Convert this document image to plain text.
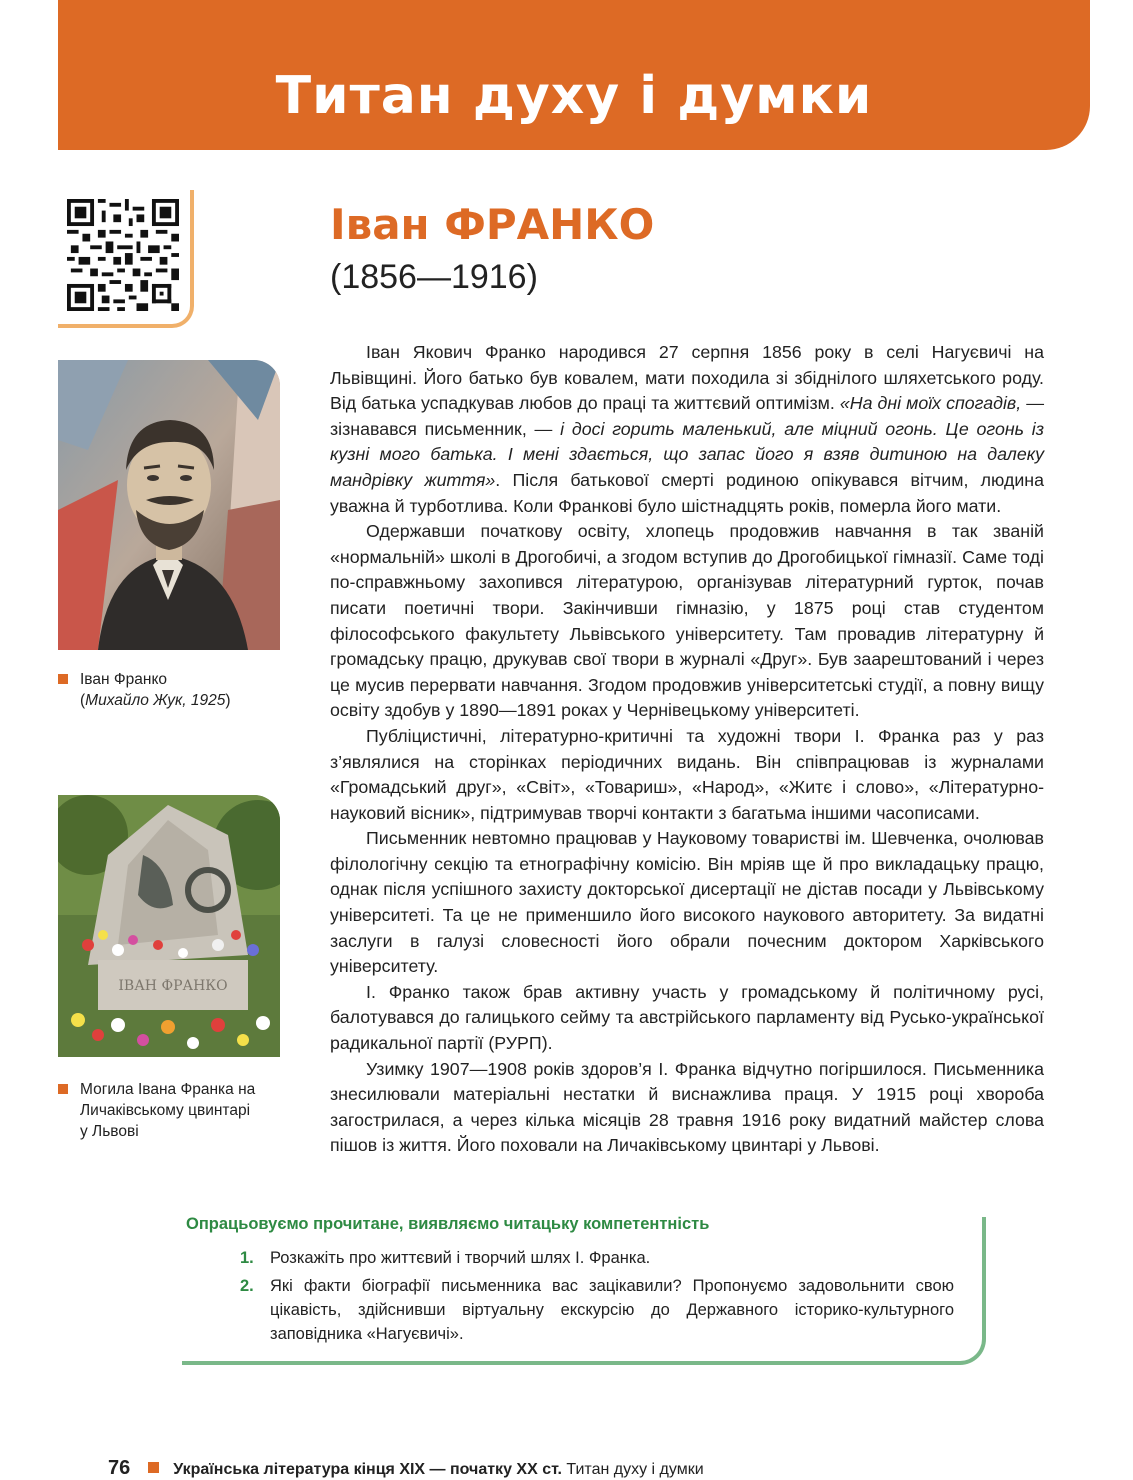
Титан духу і думки
Іван ФРАНКО
(1856—1916)
Іван Франко
(Михайло Жук, 1925)
ІВАН ФРАНКО
Могила Івана Франка на Личаківському цвинтарі у Львові

Іван Якович Франко народився 27 серпня 1856 року в селі Нагуєвичі на Львівщині. Його батько був ковалем, мати походила зі збіднілого шляхетського роду. Від батька успадкував любов до праці та життєвий оптимізм. «На дні моїх спогадів, — зізнавався письменник, — і досі горить маленький, але міцний огонь. Це огонь із кузні мого батька. І мені здається, що запас його я взяв дитиною на далеку мандрівку життя». Після батькової смерті родиною опікувався вітчим, людина уважна й турботлива. Коли Франкові було шістнадцять років, померла його мати.

Одержавши початкову освіту, хлопець продовжив навчання в так званій «нормальній» школі в Дрогобичі, а згодом вступив до Дрогобицької гімназії. Саме тоді по-справжньому захопився літературою, організував літературний гурток, почав писати поетичні твори. Закінчивши гімназію, у 1875 році став студентом філософського факультету Львівського університету. Там провадив літературну й громадську працю, друкував свої твори в журналі «Друг». Був заарештований і через це мусив перервати навчання. Згодом продовжив університетські студії, а повну вищу освіту здобув у 1890—1891 роках у Чернівецькому університеті.

Публіцистичні, літературно-критичні та художні твори І. Франка раз у раз з’являлися на сторінках періодичних видань. Він співпрацював із журналами «Громадський друг», «Світ», «Товариш», «Народ», «Житє і слово», «Літературно-науковий вісник», підтримував творчі контакти з багатьма іншими часописами.

Письменник невтомно працював у Науковому товаристві ім. Шевченка, очолював філологічну секцію та етнографічну комісію. Він мріяв ще й про викладацьку працю, однак після успішного захисту докторської дисертації не дістав посади у Львівському університеті. Та це не применшило його високого наукового авторитету. За видатні заслуги в галузі словесності його обрали почесним доктором Харківського університету.

І. Франко також брав активну участь у громадському й політичному русі, балотувався до галицького сейму та австрійського парламенту від Русько-української радикальної партії (РУРП).

Узимку 1907—1908 років здоров’я І. Франка відчутно погіршилося. Письменника знесилювали матеріальні нестатки й виснажлива праця. У 1915 році хвороба загострилася, а через кілька місяців 28 травня 1916 року видатний майстер слова пішов із життя. Його поховали на Личаківському цвинтарі у Львові.

Опрацьовуємо прочитане, виявляємо читацьку компетентність
1. Розкажіть про життєвий і творчий шлях І. Франка.
2. Які факти біографії письменника вас зацікавили? Пропонуємо задовольнити свою цікавість, здійснивши віртуальну екскурсію до Державного історико-культурного заповідника «Нагуєвичі».
76	Українська література кінця XIX — початку XX ст. Титан духу і думки
